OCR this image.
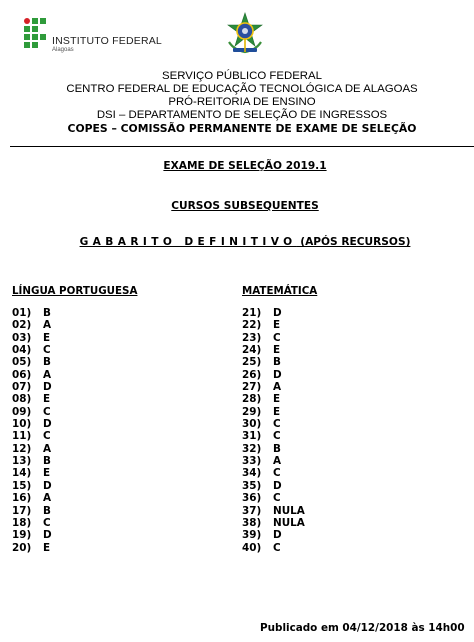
INSTITUTO FEDERAL
Alagoas
SERVIÇO PÚBLICO FEDERAL
CENTRO FEDERAL DE EDUCAÇÃO TECNOLÓGICA DE ALAGOAS
PRÓ-REITORIA DE ENSINO
DSI – DEPARTAMENTO DE SELEÇÃO DE INGRESSOS
COPES – COMISSÃO PERMANENTE DE EXAME DE SELEÇÃO
EXAME DE SELEÇÃO 2019.1
CURSOS SUBSEQUENTES
GABARITO DEFINITIVO (APÓS RECURSOS)
LÍNGUA PORTUGUESA
01) B
02) A
03) E
04) C
05) B
06) A
07) D
08) E
09) C
10) D
11) C
12) A
13) B
14) E
15) D
16) A
17) B
18) C
19) D
20) E
MATEMÁTICA
21) D
22) E
23) C
24) E
25) B
26) D
27) A
28) E
29) E
30) C
31) C
32) B
33) A
34) C
35) D
36) C
37) NULA
38) NULA
39) D
40) C
Publicado em 04/12/2018 às 14h00
